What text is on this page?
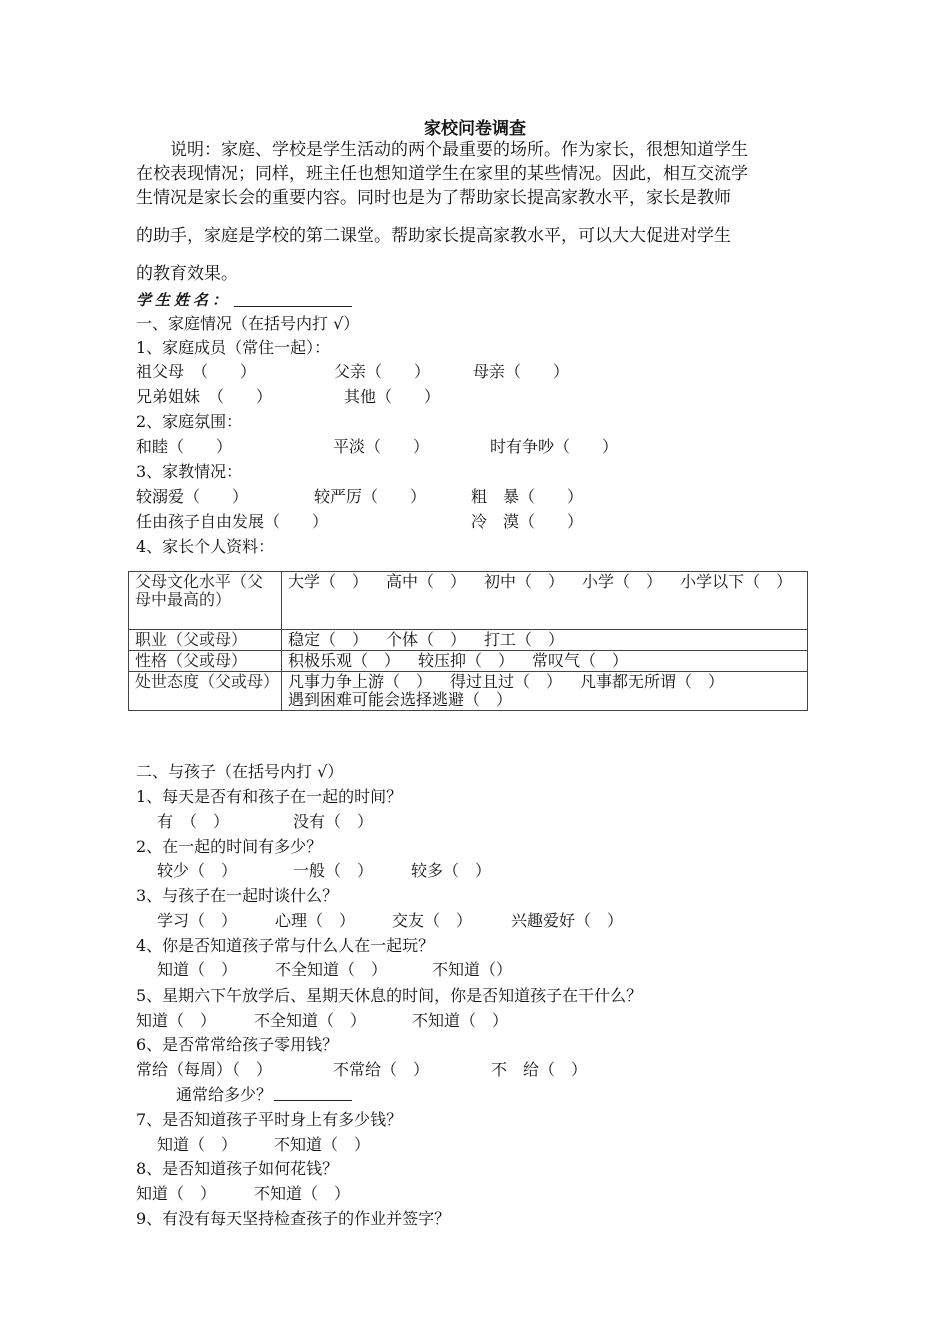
家校问卷调查
说明：家庭、学校是学生活动的两个最重要的场所。作为家长，很想知道学生
在校表现情况；同样，班主任也想知道学生在家里的某些情况。因此，相互交流学
生情况是家长会的重要内容。同时也是为了帮助家长提高家教水平，家长是教师
的助手，家庭是学校的第二课堂。帮助家长提高家教水平，可以大大促进对学生
的教育效果。
学生姓名：
一、家庭情况（在括号内打 √）
1、家庭成员（常住一起）：
祖父母　（　　）	父亲（　　）	母亲（　　）
兄弟姐妹　（　　）	其他（　　）
2、家庭氛围：
和睦（　　）	平淡（　　）	时有争吵（　　）
3、家教情况：
较溺爱（　　）	较严厉（　　）	粗　暴（　　）
任由孩子自由发展（　　）	冷　漠（　　）
4、家长个人资料：
父母文化水平（父母中最高的）	大学（　） 高中（　） 初中（　） 小学（　） 小学以下（　）
职业（父或母）	稳定（　） 个体（　） 打工（　）
性格（父或母）	积极乐观（　） 较压抑（　） 常叹气（　）
处世态度（父或母）	凡事力争上游（　） 得过且过（　） 凡事都无所谓（　）
遇到困难可能会选择逃避（　）
二、与孩子（在括号内打 √）
1、每天是否有和孩子在一起的时间？
有　（　）	没有（　）
2、在一起的时间有多少？
较少（　）	一般（　） 较多（　）
3、与孩子在一起时谈什么？
学习（　） 心理（　） 交友（　） 兴趣爱好（　）
4、你是否知道孩子常与什么人在一起玩？
知道（　） 不全知道（　）	不知道（）
5、星期六下午放学后、星期天休息的时间，你是否知道孩子在干什么？
知道（　） 不全知道（　）	不知道（　）
6、是否常常给孩子零用钱？
常给（每周）（　）	不常给（　）	不　给（　）
通常给多少？
7、是否知道孩子平时身上有多少钱？
知道（　） 不知道（　）
8、是否知道孩子如何花钱？
知道（　） 不知道（　）
9、有没有每天坚持检查孩子的作业并签字？
